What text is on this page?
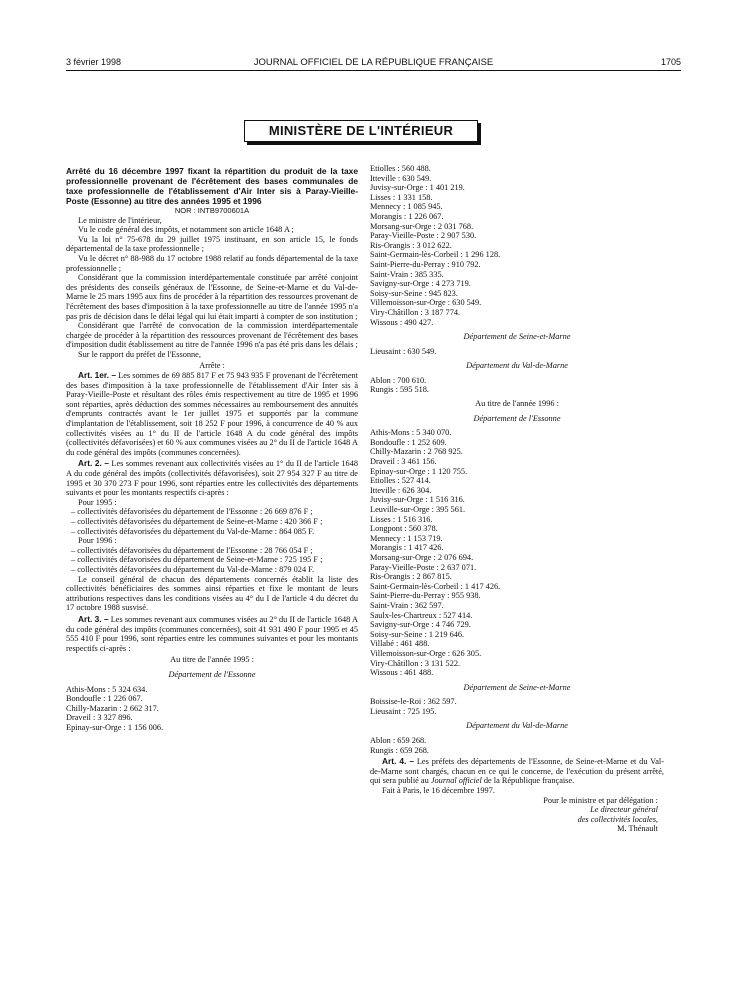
3 février 1998	JOURNAL OFFICIEL DE LA RÉPUBLIQUE FRANÇAISE	1705
MINISTÈRE DE L'INTÉRIEUR

Arrêté du 16 décembre 1997 fixant la répartition du produit de la taxe professionnelle provenant de l'écrêtement des bases communales de taxe professionnelle de l'établissement d'Air Inter sis à Paray-Vieille-Poste (Essonne) au titre des années 1995 et 1996

NOR : INTB9700601A

Le ministre de l'intérieur,

Vu le code général des impôts, et notamment son article 1648 A ;

Vu la loi n° 75-678 du 29 juillet 1975 instituant, en son article 15, le fonds départemental de la taxe professionnelle ;

Vu le décret n° 88-988 du 17 octobre 1988 relatif au fonds départemental de la taxe professionnelle ;

Considérant que la commission interdépartementale constituée par arrêté conjoint des présidents des conseils généraux de l'Essonne, de Seine-et-Marne et du Val-de-Marne le 25 mars 1995 aux fins de procéder à la répartition des ressources provenant de l'écrêtement des bases d'imposition à la taxe professionnelle au titre de l'année 1995 n'a pas pris de décision dans le délai légal qui lui était imparti à compter de son institution ;

Considérant que l'arrêté de convocation de la commission interdépartementale chargée de procéder à la répartition des ressources provenant de l'écrêtement des bases d'imposition dudit établissement au titre de l'année 1996 n'a pas été pris dans les délais ;

Sur le rapport du préfet de l'Essonne,

Arrête :

Art. 1er. – Les sommes de 69 885 817 F et 75 943 935 F provenant de l'écrêtement des bases d'imposition à la taxe professionnelle de l'établissement d'Air Inter sis à Paray-Vieille-Poste et résultant des rôles émis respectivement au titre de 1995 et 1996 sont réparties, après déduction des sommes nécessaires au remboursement des annuités d'emprunts contractés avant le 1er juillet 1975 et supportés par la commune d'implantation de l'établissement, soit 18 252 F pour 1996, à concurrence de 40 % aux collectivités visées au 1° du II de l'article 1648 A du code général des impôts (collectivités défavorisées) et 60 % aux communes visées au 2° du II de l'article 1648 A du code général des impôts (communes concernées).

Art. 2. – Les sommes revenant aux collectivités visées au 1° du II de l'article 1648 A du code général des impôts (collectivités défavorisées), soit 27 954 327 F au titre de 1995 et 30 370 273 F pour 1996, sont réparties entre les collectivités des départements suivants et pour les montants respectifs ci-après :

Pour 1995 :

– collectivités défavorisées du département de l'Essonne : 26 669 876 F ;

– collectivités défavorisées du département de Seine-et-Marne : 420 366 F ;

– collectivités défavorisées du département du Val-de-Marne : 864 085 F.

Pour 1996 :

– collectivités défavorisées du département de l'Essonne : 28 766 054 F ;

– collectivités défavorisées du département de Seine-et-Marne : 725 195 F ;

– collectivités défavorisées du département du Val-de-Marne : 879 024 F.

Le conseil général de chacun des départements concernés établit la liste des collectivités bénéficiaires des sommes ainsi réparties et fixe le montant de leurs attributions respectives dans les conditions visées au 4° du I de l'article 4 du décret du 17 octobre 1988 susvisé.

Art. 3. – Les sommes revenant aux communes visées au 2° du II de l'article 1648 A du code général des impôts (communes concernées), soit 41 931 490 F pour 1995 et 45 555 410 F pour 1996, sont réparties entre les communes suivantes et pour les montants respectifs ci-après :

Au titre de l'année 1995 :

Département de l'Essonne

Athis-Mons : 5 324 634.

Bondoufle : 1 226 067.

Chilly-Mazarin : 2 662 317.

Draveil : 3 327 896.

Epinay-sur-Orge : 1 156 006.

Etiolles : 560 488.

Itteville : 630 549.

Juvisy-sur-Orge : 1 401 219.

Lisses : 1 331 158.

Mennecy : 1 085 945.

Morangis : 1 226 067.

Morsang-sur-Orge : 2 031 768.

Paray-Vieille-Poste : 2 907 530.

Ris-Orangis : 3 012 622.

Saint-Germain-lès-Corbeil : 1 296 128.

Saint-Pierre-du-Perray : 910 792.

Saint-Vrain : 385 335.

Savigny-sur-Orge : 4 273 719.

Soisy-sur-Seine : 945 823.

Villemoisson-sur-Orge : 630 549.

Viry-Châtillon : 3 187 774.

Wissous : 490 427.

Département de Seine-et-Marne

Lieusaint : 630 549.

Département du Val-de-Marne

Ablon : 700 610.

Rungis : 595 518.

Au titre de l'année 1996 :

Département de l'Essonne

Athis-Mons : 5 340 070.

Bondoufle : 1 252 609.

Chilly-Mazarin : 2 768 925.

Draveil : 3 461 156.

Epinay-sur-Orge : 1 120 755.

Etiolles : 527 414.

Itteville : 626 304.

Juvisy-sur-Orge : 1 516 316.

Leuville-sur-Orge : 395 561.

Lisses : 1 516 316.

Longpont : 560 378.

Mennecy : 1 153 719.

Morangis : 1 417 426.

Morsang-sur-Orge : 2 076 694.

Paray-Vieille-Poste : 2 637 071.

Ris-Orangis : 2 867 815.

Saint-Germain-lès-Corbeil : 1 417 426.

Saint-Pierre-du-Perray : 955 938.

Saint-Vrain : 362 597.

Saulx-les-Chartreux : 527 414.

Savigny-sur-Orge : 4 746 729.

Soisy-sur-Seine : 1 219 646.

Villabé : 461 488.

Villemoisson-sur-Orge : 626 305.

Viry-Châtillon : 3 131 522.

Wissous : 461 488.

Département de Seine-et-Marne

Boissise-le-Roi : 362 597.

Lieusaint : 725 195.

Département du Val-de-Marne

Ablon : 659 268.

Rungis : 659 268.

Art. 4. – Les préfets des départements de l'Essonne, de Seine-et-Marne et du Val-de-Marne sont chargés, chacun en ce qui le concerne, de l'exécution du présent arrêté, qui sera publié au Journal officiel de la République française.

Fait à Paris, le 16 décembre 1997.

Pour le ministre et par délégation :

Le directeur général

des collectivités locales,

M. Thénault
